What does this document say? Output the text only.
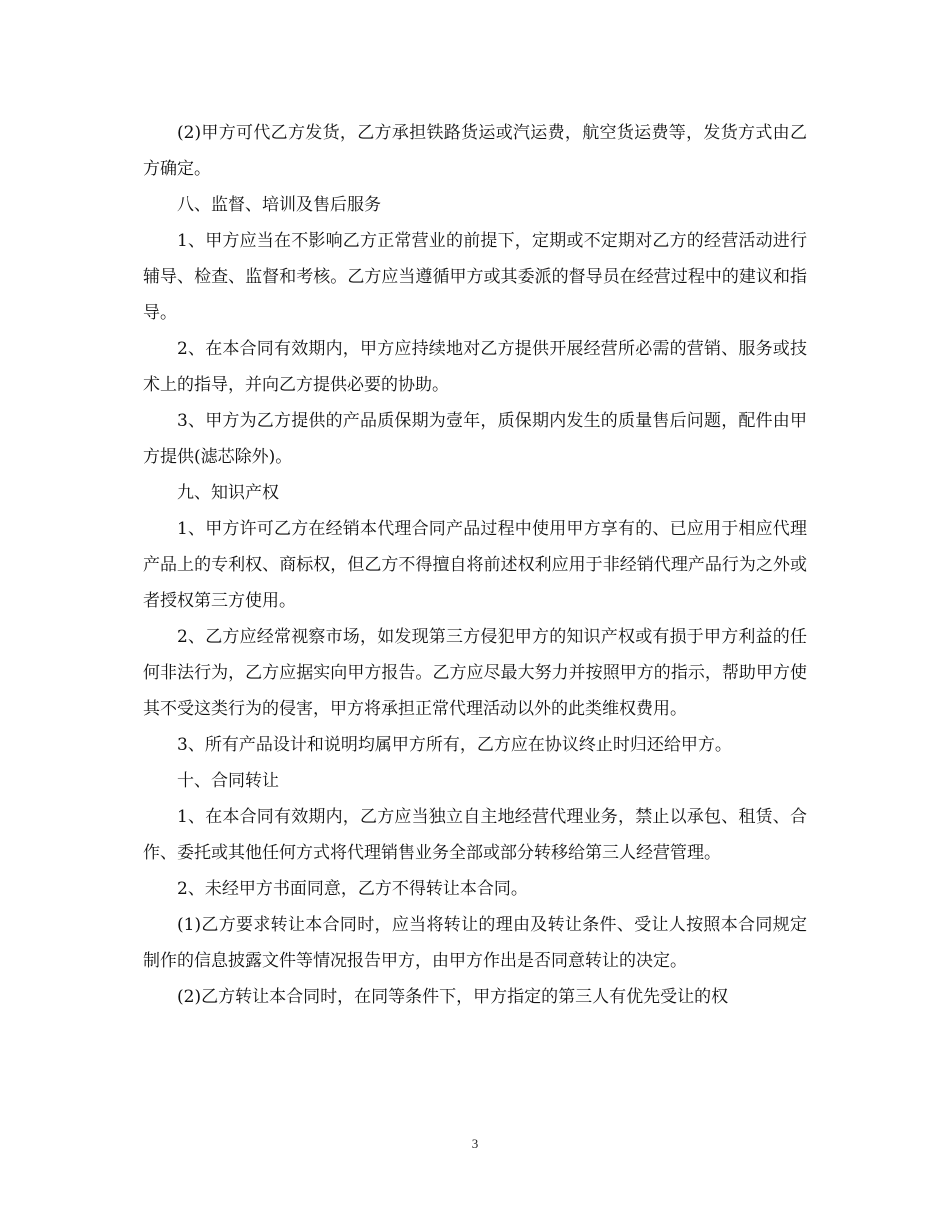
(2)甲方可代乙方发货，乙方承担铁路货运或汽运费，航空货运费等，发货方式由乙方确定。

八、监督、培训及售后服务

1、甲方应当在不影响乙方正常营业的前提下，定期或不定期对乙方的经营活动进行辅导、检查、监督和考核。乙方应当遵循甲方或其委派的督导员在经营过程中的建议和指导。

2、在本合同有效期内，甲方应持续地对乙方提供开展经营所必需的营销、服务或技术上的指导，并向乙方提供必要的协助。

3、甲方为乙方提供的产品质保期为壹年，质保期内发生的质量售后问题，配件由甲方提供(滤芯除外)。

九、知识产权

1、甲方许可乙方在经销本代理合同产品过程中使用甲方享有的、已应用于相应代理产品上的专利权、商标权，但乙方不得擅自将前述权利应用于非经销代理产品行为之外或者授权第三方使用。

2、乙方应经常视察市场，如发现第三方侵犯甲方的知识产权或有损于甲方利益的任何非法行为，乙方应据实向甲方报告。乙方应尽最大努力并按照甲方的指示，帮助甲方使其不受这类行为的侵害，甲方将承担正常代理活动以外的此类维权费用。

3、所有产品设计和说明均属甲方所有，乙方应在协议终止时归还给甲方。

十、合同转让

1、在本合同有效期内，乙方应当独立自主地经营代理业务，禁止以承包、租赁、合作、委托或其他任何方式将代理销售业务全部或部分转移给第三人经营管理。

2、未经甲方书面同意，乙方不得转让本合同。

(1)乙方要求转让本合同时，应当将转让的理由及转让条件、受让人按照本合同规定制作的信息披露文件等情况报告甲方，由甲方作出是否同意转让的决定。

(2)乙方转让本合同时，在同等条件下，甲方指定的第三人有优先受让的权

3
